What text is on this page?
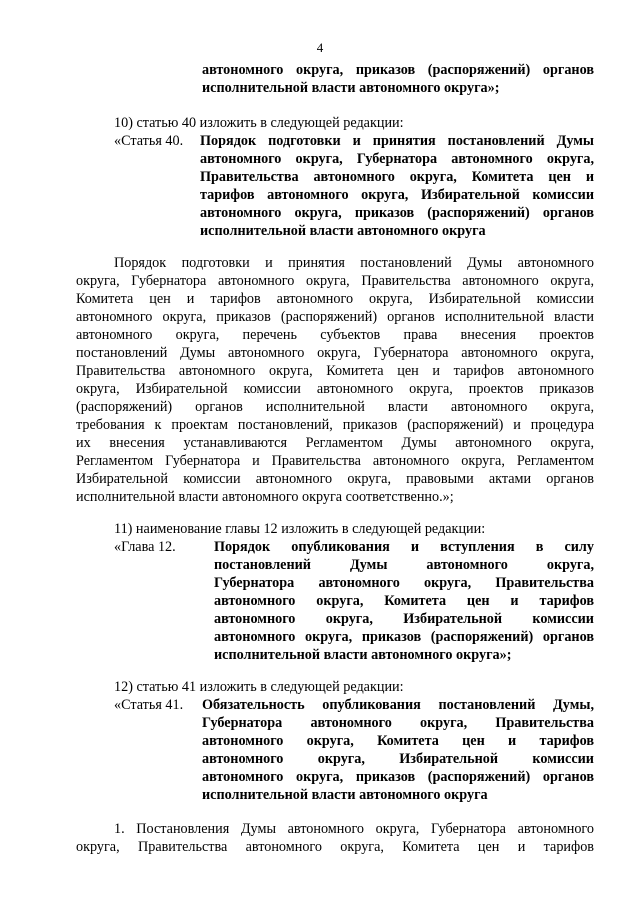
4
автономного округа, приказов (распоряжений) органов
исполнительной власти автономного округа»;
10) статью 40 изложить в следующей редакции:
«Статья 40. Порядок подготовки и принятия постановлений Думы
автономного округа, Губернатора автономного округа,
Правительства автономного округа, Комитета цен и
тарифов автономного округа, Избирательной комиссии
автономного округа, приказов (распоряжений) органов
исполнительной власти автономного округа
Порядок подготовки и принятия постановлений Думы автономного
округа, Губернатора автономного округа, Правительства автономного округа,
Комитета цен и тарифов автономного округа, Избирательной комиссии
автономного округа, приказов (распоряжений) органов исполнительной власти
автономного округа, перечень субъектов права внесения проектов
постановлений Думы автономного округа, Губернатора автономного округа,
Правительства автономного округа, Комитета цен и тарифов автономного
округа, Избирательной комиссии автономного округа, проектов приказов
(распоряжений) органов исполнительной власти автономного округа,
требования к проектам постановлений, приказов (распоряжений) и процедура
их внесения устанавливаются Регламентом Думы автономного округа,
Регламентом Губернатора и Правительства автономного округа, Регламентом
Избирательной комиссии автономного округа, правовыми актами органов
исполнительной власти автономного округа соответственно.»;
11) наименование главы 12 изложить в следующей редакции:
«Глава 12.	Порядок опубликования и вступления в силу
постановлений Думы автономного округа,
Губернатора автономного округа, Правительства
автономного округа, Комитета цен и тарифов
автономного округа, Избирательной комиссии
автономного округа, приказов (распоряжений) органов
исполнительной власти автономного округа»;
12) статью 41 изложить в следующей редакции:
«Статья 41. Обязательность опубликования постановлений Думы,
Губернатора автономного округа, Правительства
автономного округа, Комитета цен и тарифов
автономного округа, Избирательной комиссии
автономного округа, приказов (распоряжений) органов
исполнительной власти автономного округа
1. Постановления Думы автономного округа, Губернатора автономного
округа, Правительства автономного округа, Комитета цен и тарифов
